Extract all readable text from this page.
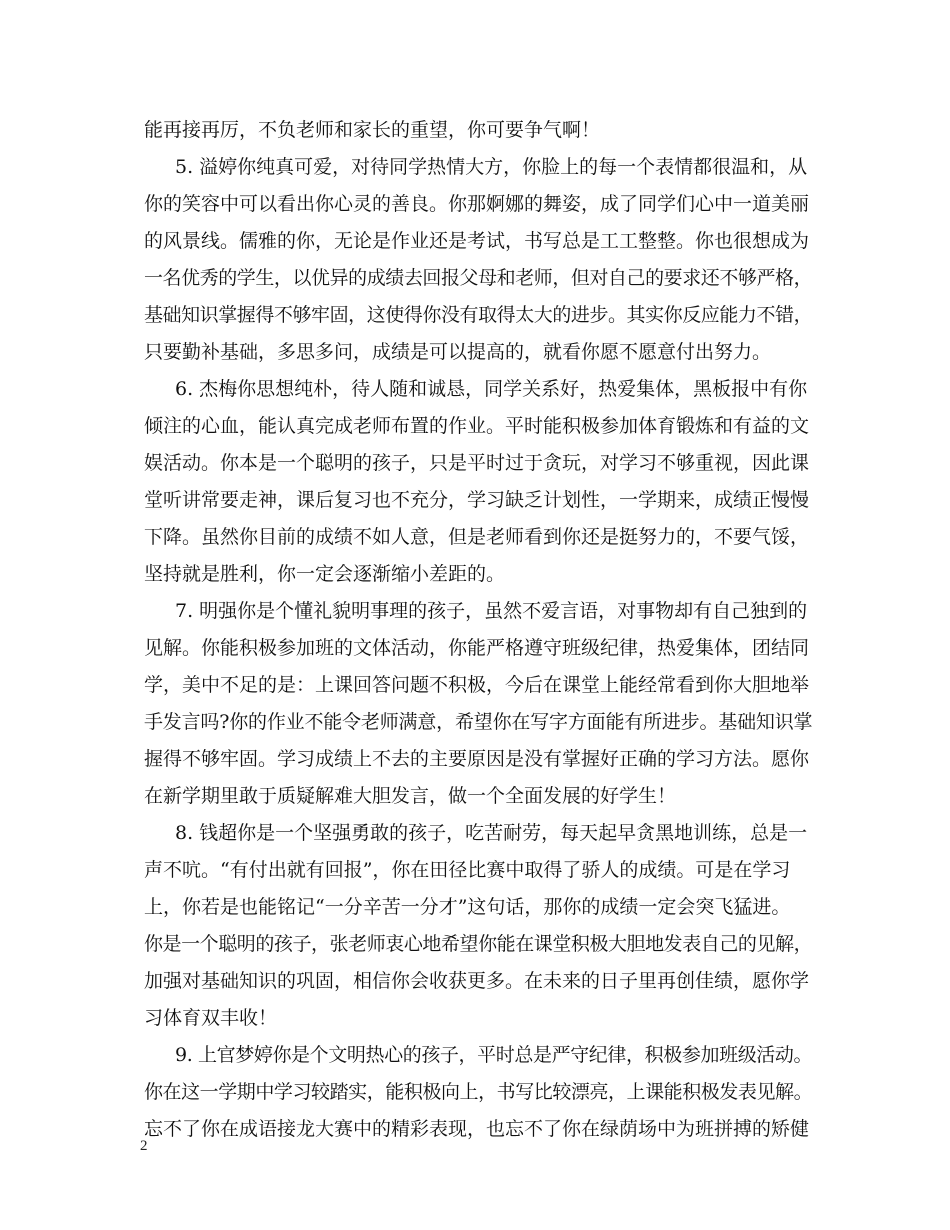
能再接再厉，不负老师和家长的重望，你可要争气啊！
5. 溢婷你纯真可爱，对待同学热情大方，你脸上的每一个表情都很温和，从
你的笑容中可以看出你心灵的善良。你那婀娜的舞姿，成了同学们心中一道美丽
的风景线。儒雅的你，无论是作业还是考试，书写总是工工整整。你也很想成为
一名优秀的学生，以优异的成绩去回报父母和老师，但对自己的要求还不够严格，
基础知识掌握得不够牢固，这使得你没有取得太大的进步。其实你反应能力不错，
只要勤补基础，多思多问，成绩是可以提高的，就看你愿不愿意付出努力。
6. 杰梅你思想纯朴，待人随和诚恳，同学关系好，热爱集体，黑板报中有你
倾注的心血，能认真完成老师布置的作业。平时能积极参加体育锻炼和有益的文
娱活动。你本是一个聪明的孩子，只是平时过于贪玩，对学习不够重视，因此课
堂听讲常要走神，课后复习也不充分，学习缺乏计划性，一学期来，成绩正慢慢
下降。虽然你目前的成绩不如人意，但是老师看到你还是挺努力的，不要气馁，
坚持就是胜利，你一定会逐渐缩小差距的。
7. 明强你是个懂礼貌明事理的孩子，虽然不爱言语，对事物却有自己独到的
见解。你能积极参加班的文体活动，你能严格遵守班级纪律，热爱集体，团结同
学，美中不足的是：上课回答问题不积极，今后在课堂上能经常看到你大胆地举
手发言吗?你的作业不能令老师满意，希望你在写字方面能有所进步。基础知识掌
握得不够牢固。学习成绩上不去的主要原因是没有掌握好正确的学习方法。愿你
在新学期里敢于质疑解难大胆发言，做一个全面发展的好学生！
8. 钱超你是一个坚强勇敢的孩子，吃苦耐劳，每天起早贪黑地训练，总是一
声不吭。“有付出就有回报”，你在田径比赛中取得了骄人的成绩。可是在学习
上，你若是也能铭记“一分辛苦一分才”这句话，那你的成绩一定会突飞猛进。
你是一个聪明的孩子，张老师衷心地希望你能在课堂积极大胆地发表自己的见解，
加强对基础知识的巩固，相信你会收获更多。在未来的日子里再创佳绩，愿你学
习体育双丰收！
9. 上官梦婷你是个文明热心的孩子，平时总是严守纪律，积极参加班级活动。
你在这一学期中学习较踏实，能积极向上，书写比较漂亮，上课能积极发表见解。
忘不了你在成语接龙大赛中的精彩表现，也忘不了你在绿荫场中为班拼搏的矫健
2
